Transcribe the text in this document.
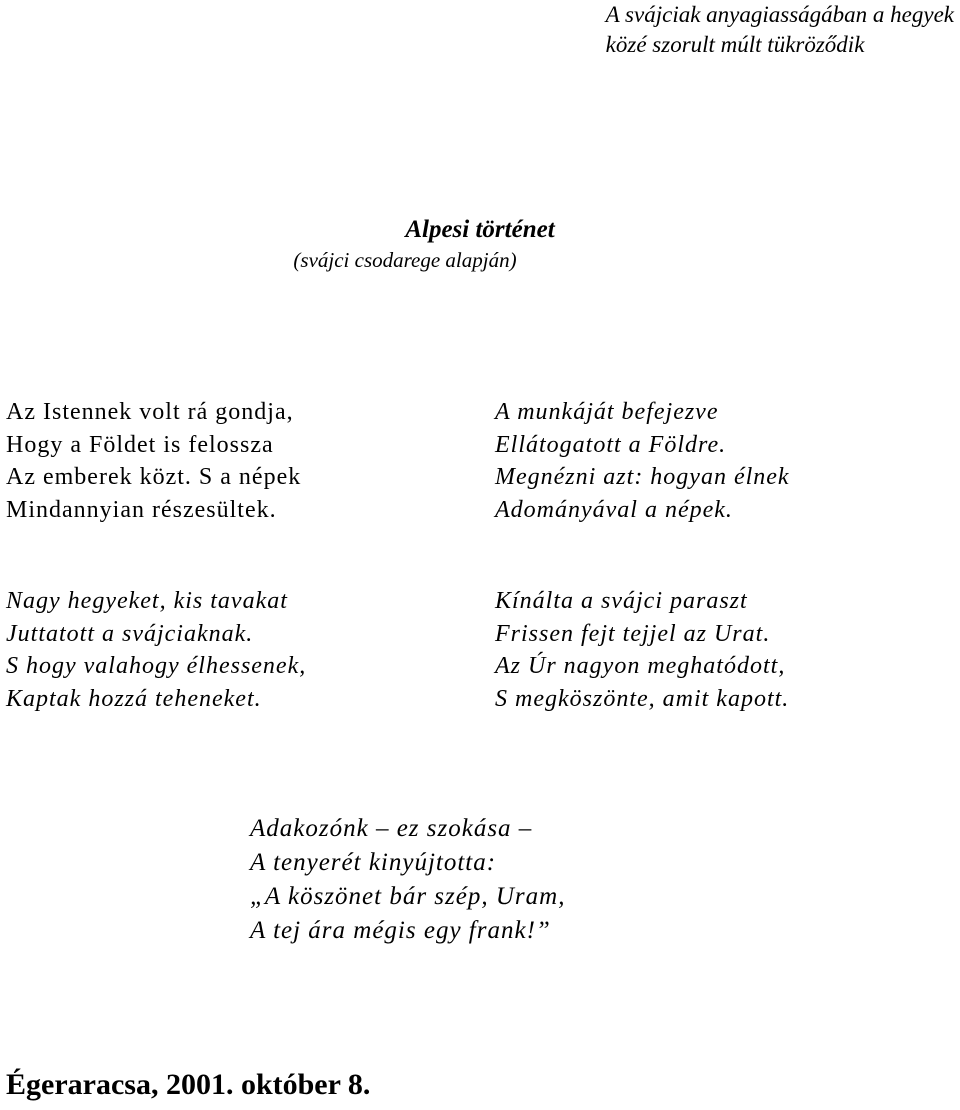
A svájciak anyagiasságában a hegyek
közé szorult múlt tükröződik
Alpesi történet
(svájci csodarege alapján)
Az Istennek volt rá gondja,
Hogy a Földet is felossza
Az emberek közt. S a népek
Mindannyian részesültek.
Nagy hegyeket, kis tavakat
Juttatott a svájciaknak.
S hogy valahogy élhessenek,
Kaptak hozzá teheneket.
A munkáját befejezve
Ellátogatott a Földre.
Megnézni azt: hogyan élnek
Adományával a népek.
Kínálta a svájci paraszt
Frissen fejt tejjel az Urat.
Az Úr nagyon meghatódott,
S megköszönte, amit kapott.
Adakozónk – ez szokása –
A tenyerét kinyújtotta:
„A köszönet bár szép, Uram,
A tej ára mégis egy frank!”
Égeraracsa, 2001. október 8.
